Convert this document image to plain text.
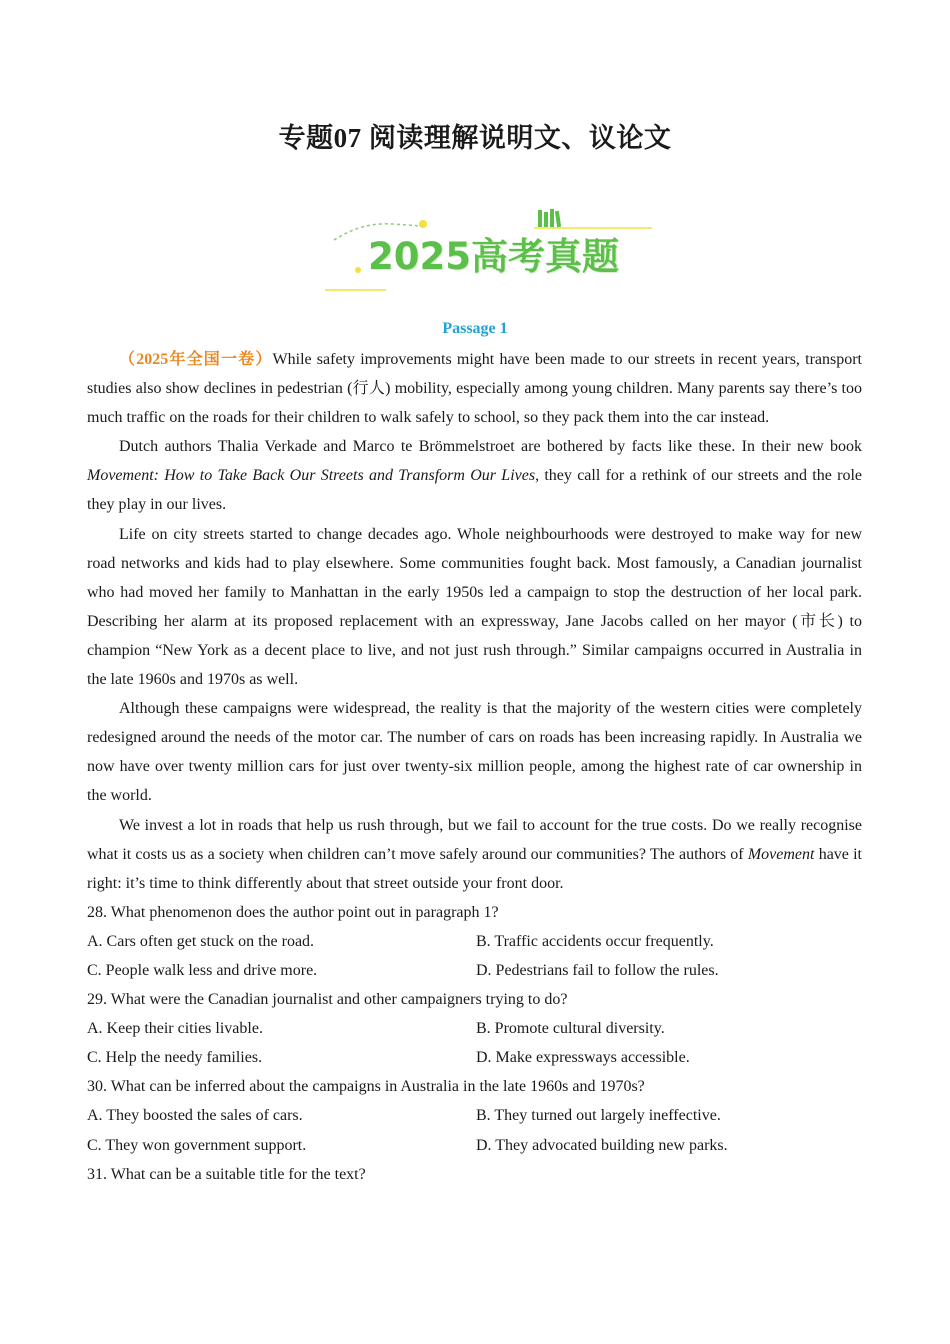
专题07 阅读理解说明文、议论文
2025高考真题
Passage 1

（2025年全国一卷）While safety improvements might have been made to our streets in recent years, transport studies also show declines in pedestrian (行人) mobility, especially among young children. Many parents say there’s too much traffic on the roads for their children to walk safely to school, so they pack them into the car instead.

Dutch authors Thalia Verkade and Marco te Brömmelstroet are bothered by facts like these. In their new book Movement: How to Take Back Our Streets and Transform Our Lives, they call for a rethink of our streets and the role they play in our lives.

Life on city streets started to change decades ago. Whole neighbourhoods were destroyed to make way for new road networks and kids had to play elsewhere. Some communities fought back. Most famously, a Canadian journalist who had moved her family to Manhattan in the early 1950s led a campaign to stop the destruction of her local park. Describing her alarm at its proposed replacement with an expressway, Jane Jacobs called on her mayor (市长) to champion “New York as a decent place to live, and not just rush through.” Similar campaigns occurred in Australia in the late 1960s and 1970s as well.

Although these campaigns were widespread, the reality is that the majority of the western cities were completely redesigned around the needs of the motor car. The number of cars on roads has been increasing rapidly. In Australia we now have over twenty million cars for just over twenty-six million people, among the highest rate of car ownership in the world.

We invest a lot in roads that help us rush through, but we fail to account for the true costs. Do we really recognise what it costs us as a society when children can’t move safely around our communities? The authors of Movement have it right: it’s time to think differently about that street outside your front door.

28. What phenomenon does the author point out in paragraph 1?
A. Cars often get stuck on the road.	B. Traffic accidents occur frequently.
C. People walk less and drive more.	D. Pedestrians fail to follow the rules.
29. What were the Canadian journalist and other campaigners trying to do?
A. Keep their cities livable.	B. Promote cultural diversity.
C. Help the needy families.	D. Make expressways accessible.
30. What can be inferred about the campaigns in Australia in the late 1960s and 1970s?
A. They boosted the sales of cars.	B. They turned out largely ineffective.
C. They won government support.	D. They advocated building new parks.
31. What can be a suitable title for the text?
